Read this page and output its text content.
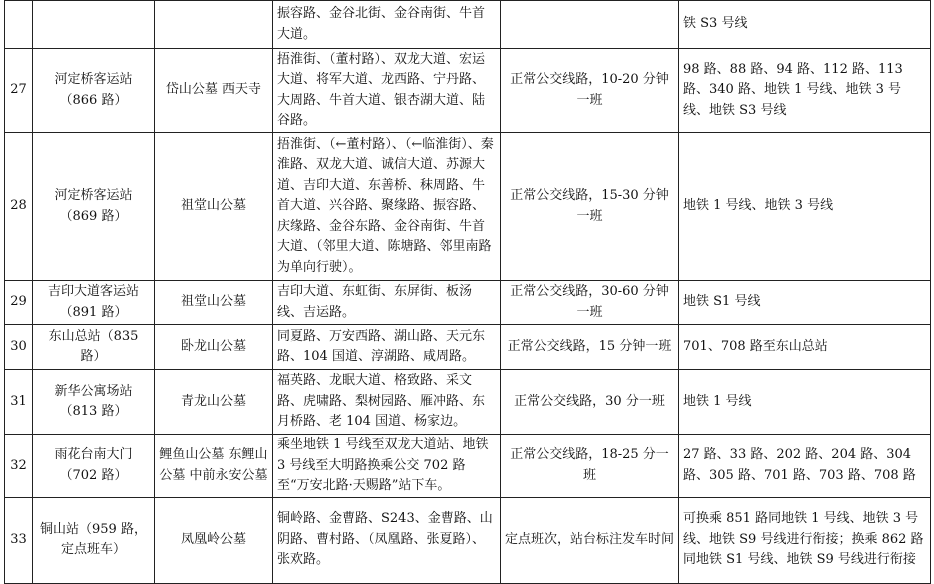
			振容路、金谷北街、金谷南街、牛首大道。		铁 S3 号线
27	河定桥客运站（866 路）	岱山公墓 西天寺	捂淮街、（董村路）、双龙大道、宏运大道、将军大道、龙西路、宁丹路、大周路、牛首大道、银杏湖大道、陆谷路。	正常公交线路，10-20 分钟一班	98 路、88 路、94 路、112 路、113 路、340 路、地铁 1 号线、地铁 3 号线、地铁 S3 号线
28	河定桥客运站（869 路）	祖堂山公墓	捂淮街、（←董村路）、（←临淮街）、秦淮路、双龙大道、诚信大道、苏源大道、吉印大道、东善桥、秣周路、牛首大道、兴谷路、聚缘路、振容路、庆缘路、金谷东路、金谷南街、牛首大道、（邻里大道、陈塘路、邻里南路为单向行驶）。	正常公交线路，15-30 分钟一班	地铁 1 号线、地铁 3 号线
29	吉印大道客运站（891 路）	祖堂山公墓	吉印大道、东虹街、东屏街、板汤线、吉运路。	正常公交线路，30-60 分钟一班	地铁 S1 号线
30	东山总站（835 路）	卧龙山公墓	同夏路、万安西路、湖山路、天元东路、104 国道、淳湖路、咸周路。	正常公交线路，15 分钟一班	701、708 路至东山总站
31	新华公寓场站（813 路）	青龙山公墓	福英路、龙眠大道、格致路、采文路、虎啸路、梨树园路、雁冲路、东月桥路、老 104 国道、杨家边。	正常公交线路，30 分一班	地铁 1 号线
32	雨花台南大门（702 路）	鲤鱼山公墓 东鲤山公墓 中前永安公墓	乘坐地铁 1 号线至双龙大道站、地铁 3 号线至大明路换乘公交 702 路至“万安北路·天赐路”站下车。	正常公交线路，18-25 分一班	27 路、33 路、202 路、204 路、304 路、305 路、701 路、703 路、708 路
33	铜山站（959 路，定点班车）	凤凰岭公墓	铜岭路、金曹路、S243、金曹路、山阴路、曹村路、（凤凰路、张夏路）、张欢路。	定点班次，站台标注发车时间	可换乘 851 路同地铁 1 号线、地铁 3 号线、地铁 S9 号线进行衔接；换乘 862 路同地铁 S1 号线、地铁 S9 号线进行衔接
